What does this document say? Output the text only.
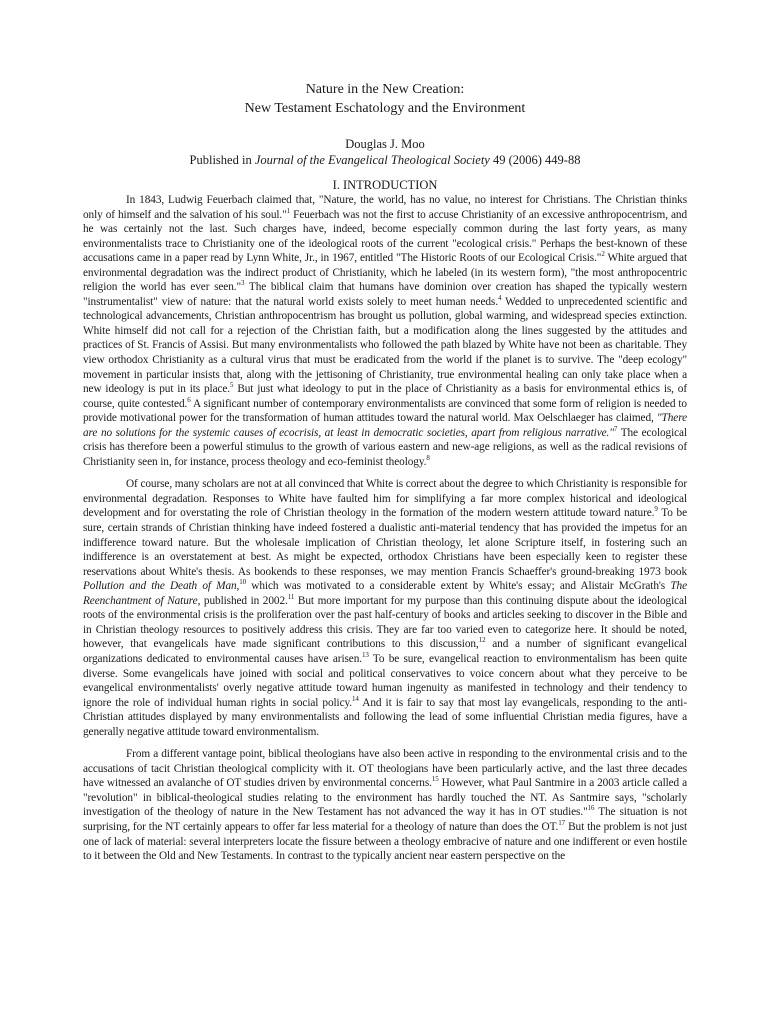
Nature in the New Creation:

New Testament Eschatology and the Environment

Douglas J. Moo

Published in Journal of the Evangelical Theological Society 49 (2006) 449-88

I. INTRODUCTION

In 1843, Ludwig Feuerbach claimed that, "Nature, the world, has no value, no interest for Christians. The Christian thinks only of himself and the salvation of his soul."$^1$ Feuerbach was not the first to accuse Christianity of an excessive anthropocentrism, and he was certainly not the last. Such charges have, indeed, become especially common during the last forty years, as many environmentalists trace to Christianity one of the ideological roots of the current "ecological crisis." Perhaps the best-known of these accusations came in a paper read by Lynn White, Jr., in 1967, entitled "The Historic Roots of our Ecological Crisis."$^2$ White argued that environmental degradation was the indirect product of Christianity, which he labeled (in its western form), "the most anthropocentric religion the world has ever seen."$^3$ The biblical claim that humans have dominion over creation has shaped the typically western "instrumentalist" view of nature: that the natural world exists solely to meet human needs.$^4$ Wedded to unprecedented scientific and technological advancements, Christian anthropocentrism has brought us pollution, global warming, and widespread species extinction. White himself did not call for a rejection of the Christian faith, but a modification along the lines suggested by the attitudes and practices of St. Francis of Assisi. But many environmentalists who followed the path blazed by White have not been as charitable. They view orthodox Christianity as a cultural virus that must be eradicated from the world if the planet is to survive. The "deep ecology" movement in particular insists that, along with the jettisoning of Christianity, true environmental healing can only take place when a new ideology is put in its place.$^5$ But just what ideology to put in the place of Christianity as a basis for environmental ethics is, of course, quite contested.$^6$ A significant number of contemporary environmentalists are convinced that some form of religion is needed to provide motivational power for the transformation of human attitudes toward the natural world. Max Oelschlaeger has claimed, "There are no solutions for the systemic causes of ecocrisis, at least in democratic societies, apart from religious narrative."$^7$ The ecological crisis has therefore been a powerful stimulus to the growth of various eastern and new-age religions, as well as the radical revisions of Christianity seen in, for instance, process theology and eco-feminist theology.$^8$

Of course, many scholars are not at all convinced that White is correct about the degree to which Christianity is responsible for environmental degradation. Responses to White have faulted him for simplifying a far more complex historical and ideological development and for overstating the role of Christian theology in the formation of the modern western attitude toward nature.$^9$ To be sure, certain strands of Christian thinking have indeed fostered a dualistic anti-material tendency that has provided the impetus for an indifference toward nature. But the wholesale implication of Christian theology, let alone Scripture itself, in fostering such an indifference is an overstatement at best. As might be expected, orthodox Christians have been especially keen to register these reservations about White's thesis. As bookends to these responses, we may mention Francis Schaeffer's ground-breaking 1973 book Pollution and the Death of Man,$^{10}$ which was motivated to a considerable extent by White's essay; and Alistair McGrath's The Reenchantment of Nature, published in 2002.11 But more important for my purpose than this continuing dispute about the ideological roots of the environmental crisis is the proliferation over the past half-century of books and articles seeking to discover in the Bible and in Christian theology resources to positively address this crisis. They are far too varied even to categorize here. It should be noted, however, that evangelicals have made significant contributions to this discussion,$^{12}$ and a number of significant evangelical organizations dedicated to environmental causes have arisen.$^{13}$ To be sure, evangelical reaction to environmentalism has been quite diverse. Some evangelicals have joined with social and political conservatives to voice concern about what they perceive to be evangelical environmentalists' overly negative attitude toward human ingenuity as manifested in technology and their tendency to ignore the role of individual human rights in social policy.$^{14}$ And it is fair to say that most lay evangelicals, responding to the anti-Christian attitudes displayed by many environmentalists and following the lead of some influential Christian media figures, have a generally negative attitude toward environmentalism.

From a different vantage point, biblical theologians have also been active in responding to the environmental crisis and to the accusations of tacit Christian theological complicity with it. OT theologians have been particularly active, and the last three decades have witnessed an avalanche of OT studies driven by environmental concerns.$^{15}$ However, what Paul Santmire in a 2003 article called a "revolution" in biblical-theological studies relating to the environment has hardly touched the NT. As Santmire says, "scholarly investigation of the theology of nature in the New Testament has not advanced the way it has in OT studies."$^{16}$ The situation is not surprising, for the NT certainly appears to offer far less material for a theology of nature than does the OT.$^{17}$ But the problem is not just one of lack of material: several interpreters locate the fissure between a theology embracive of nature and one indifferent or even hostile to it between the Old and New Testaments. In contrast to the typically ancient near eastern perspective on the
